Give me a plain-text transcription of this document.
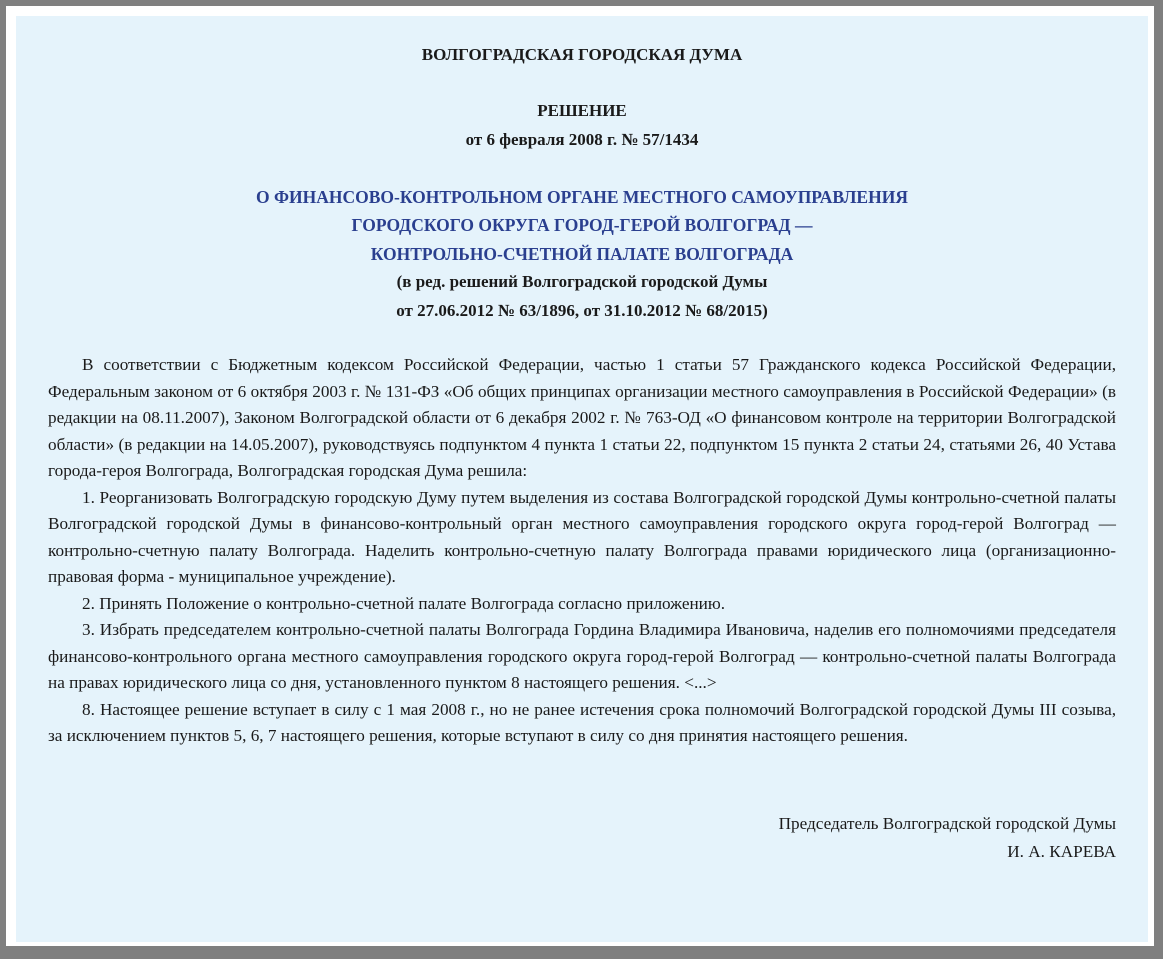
ВОЛГОГРАДСКАЯ ГОРОДСКАЯ ДУМА
РЕШЕНИЕ
от 6 февраля 2008 г. № 57/1434
О ФИНАНСОВО-КОНТРОЛЬНОМ ОРГАНЕ МЕСТНОГО САМОУПРАВЛЕНИЯ
ГОРОДСКОГО ОКРУГА ГОРОД-ГЕРОЙ ВОЛГОГРАД —
КОНТРОЛЬНО-СЧЕТНОЙ ПАЛАТЕ ВОЛГОГРАДА
(в ред. решений Волгоградской городской Думы
от 27.06.2012 № 63/1896, от 31.10.2012 № 68/2015)

В соответствии с Бюджетным кодексом Российской Федерации, частью 1 статьи 57 Гражданского кодекса Российской Федерации, Федеральным законом от 6 октября 2003 г. № 131-ФЗ «Об общих принципах организации местного самоуправления в Российской Федерации» (в редакции на 08.11.2007), Законом Волгоградской области от 6 декабря 2002 г. № 763-ОД «О финансовом контроле на территории Волгоградской области» (в редакции на 14.05.2007), руководствуясь подпунктом 4 пункта 1 статьи 22, подпунктом 15 пункта 2 статьи 24, статьями 26, 40 Устава города-героя Волгограда, Волгоградская городская Дума решила:

1. Реорганизовать Волгоградскую городскую Думу путем выделения из состава Волгоградской городской Думы контрольно-счетной палаты Волгоградской городской Думы в финансово-контрольный орган местного самоуправления городского округа город-герой Волгоград — контрольно-счетную палату Волгограда. Наделить контрольно-счетную палату Волгограда правами юридического лица (организационно-правовая форма - муниципальное учреждение).

2. Принять Положение о контрольно-счетной палате Волгограда согласно приложению.

3. Избрать председателем контрольно-счетной палаты Волгограда Гордина Владимира Ивановича, наделив его полномочиями председателя финансово-контрольного органа местного самоуправления городского округа город-герой Волгоград — контрольно-счетной палаты Волгограда на правах юридического лица со дня, установленного пунктом 8 настоящего решения. <...>

8. Настоящее решение вступает в силу с 1 мая 2008 г., но не ранее истечения срока полномочий Волгоградской городской Думы III созыва, за исключением пунктов 5, 6, 7 настоящего решения, которые вступают в силу со дня принятия настоящего решения.

Председатель Волгоградской городской Думы
И. А. КАРЕВА
